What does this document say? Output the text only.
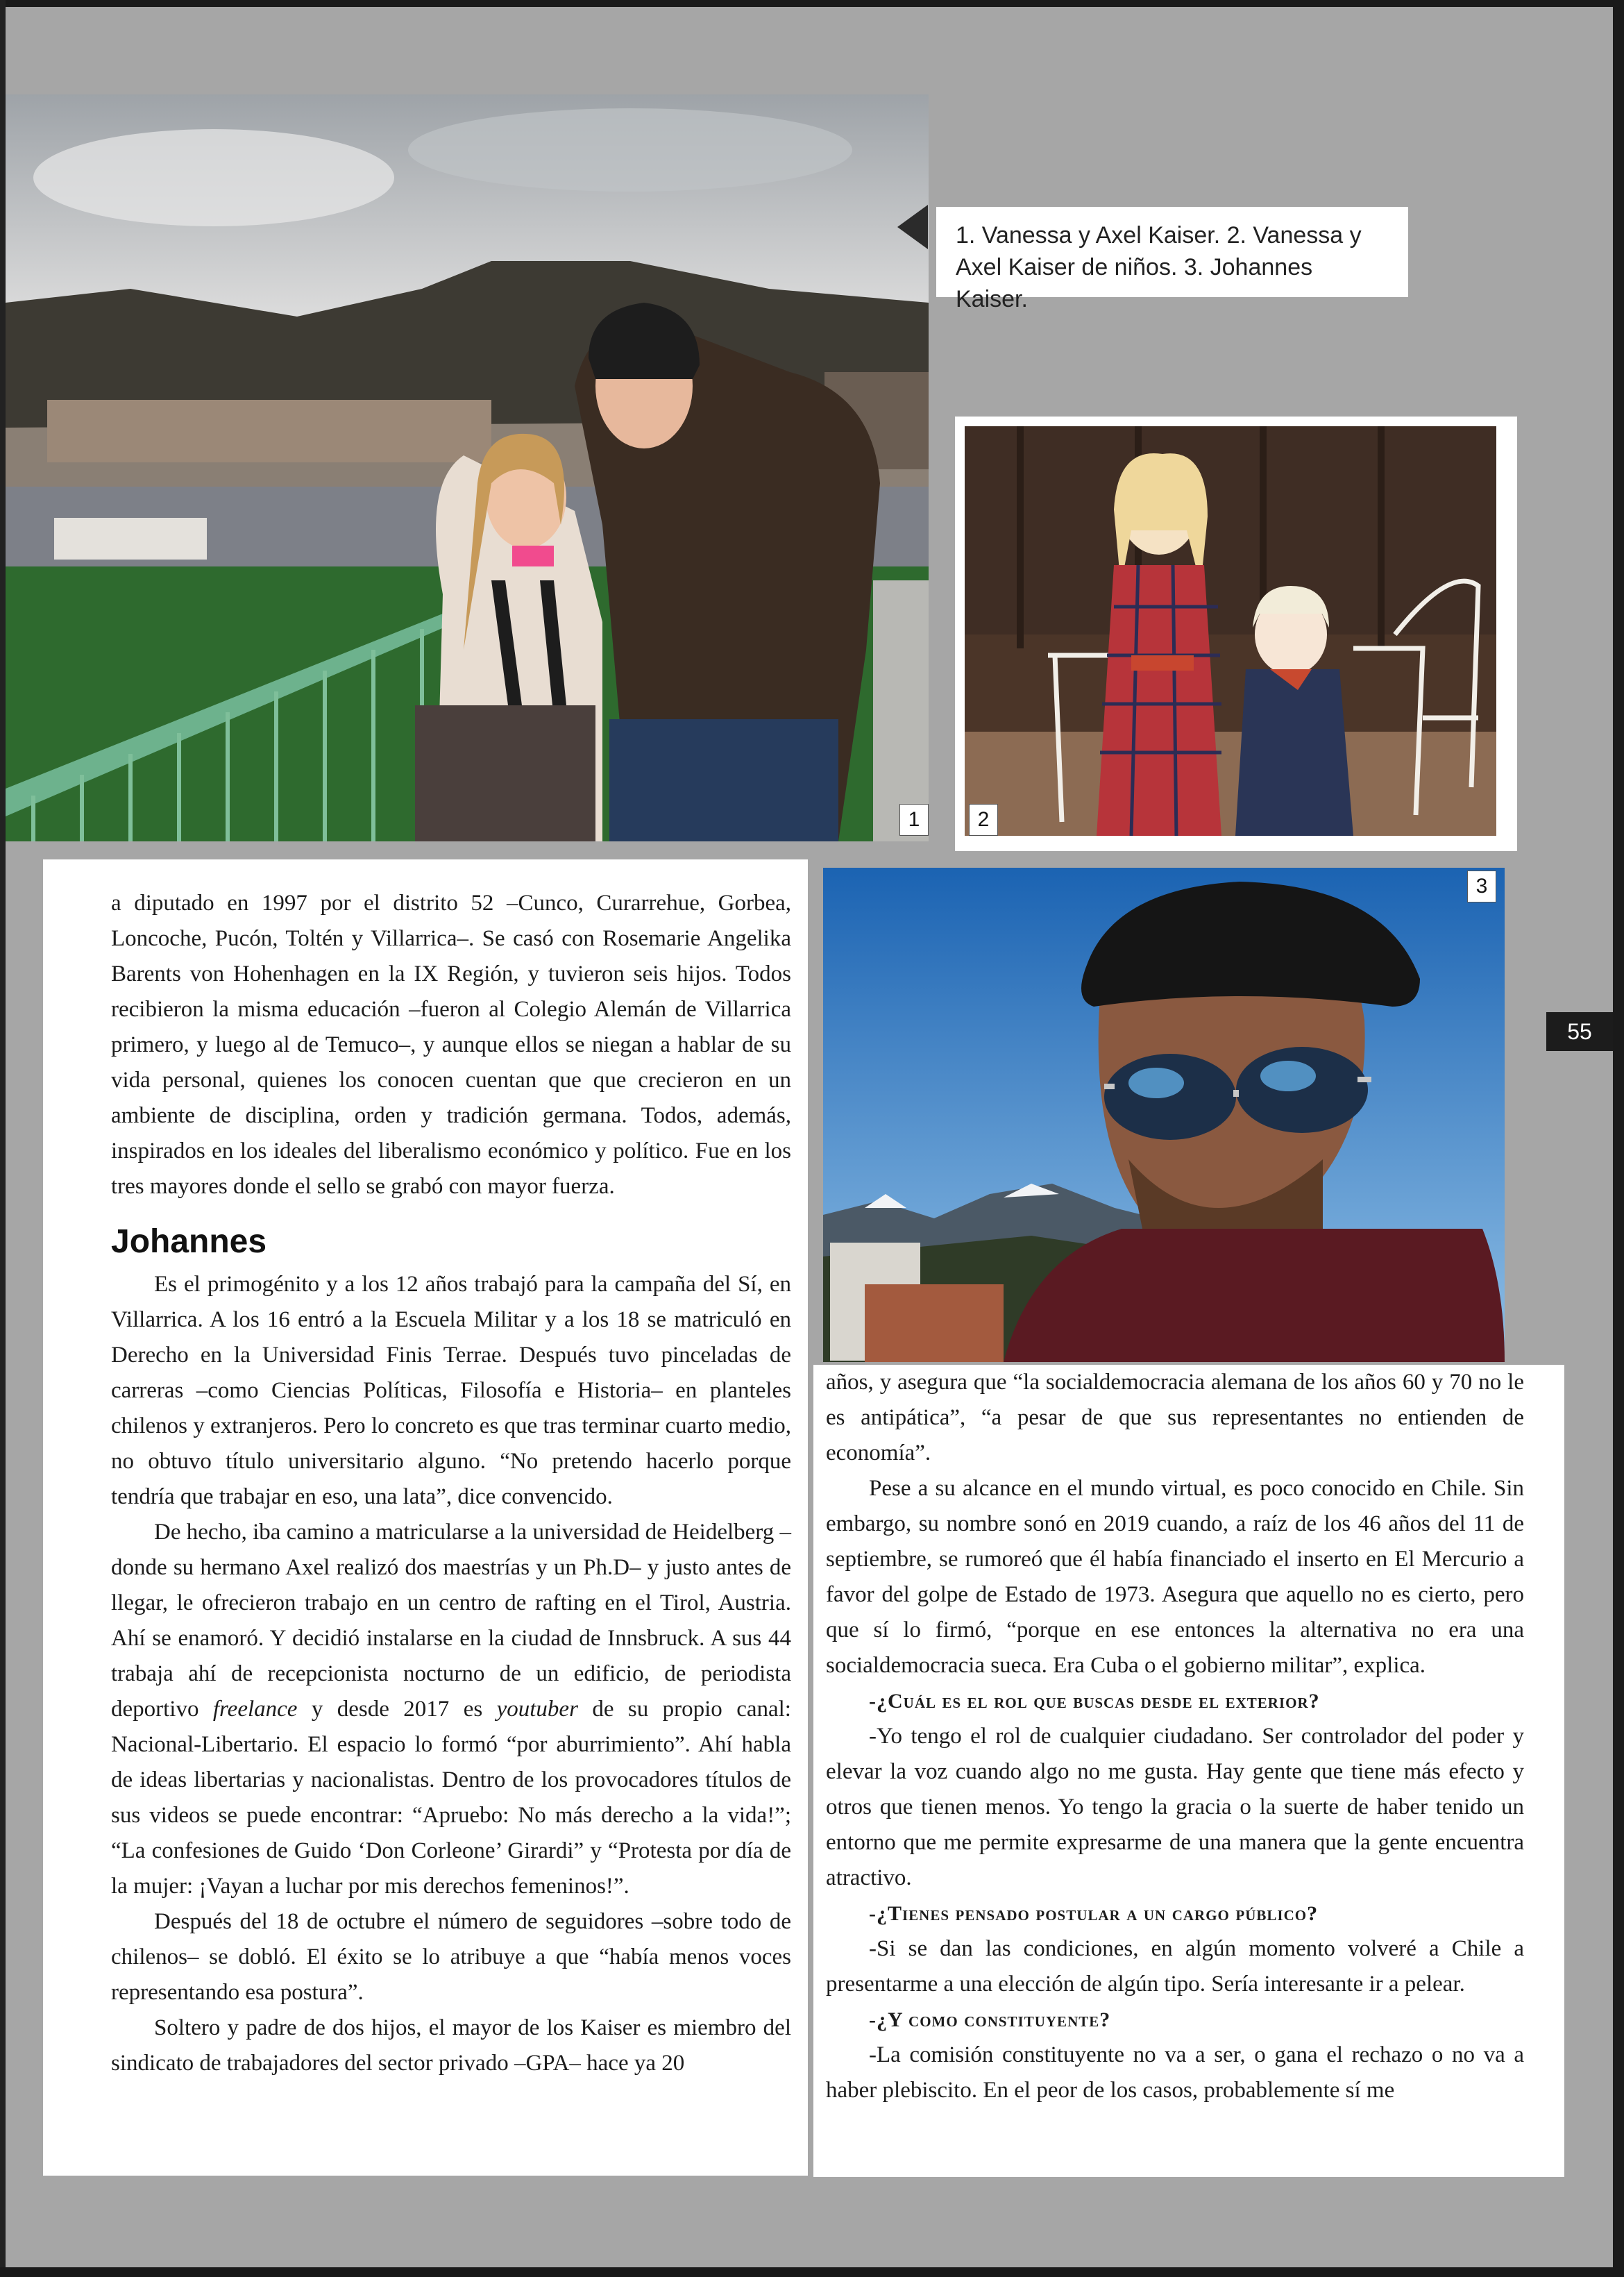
1
1. Vanessa y Axel Kaiser. 2. Vanessa y Axel Kaiser de niños. 3. Johannes Kaiser.
2
3
55

a diputado en 1997 por el distrito 52 –Cunco, Curarrehue, Gorbea, Loncoche, Pucón, Toltén y Villarrica–. Se casó con Rosemarie Angelika Barents von Hohenhagen en la IX Región, y tuvieron seis hijos. Todos recibieron la misma educación –fueron al Colegio Alemán de Villarrica primero, y luego al de Temuco–, y aunque ellos se niegan a hablar de su vida personal, quienes los conocen cuentan que que crecieron en un ambiente de disciplina, orden y tradición germana. Todos, además, inspirados en los ideales del liberalismo económico y político. Fue en los tres mayores donde el sello se grabó con mayor fuerza.

Johannes

Es el primogénito y a los 12 años trabajó para la campaña del Sí, en Villarrica. A los 16 entró a la Escuela Militar y a los 18 se matriculó en Derecho en la Universidad Finis Terrae. Después tuvo pinceladas de carreras –como Ciencias Políticas, Filosofía e Historia– en planteles chilenos y extranjeros. Pero lo concreto es que tras terminar cuarto medio, no obtuvo título universitario alguno. “No pretendo hacerlo porque tendría que trabajar en eso, una lata”, dice convencido.

De hecho, iba camino a matricularse a la universidad de Heidelberg –donde su hermano Axel realizó dos maestrías y un Ph.D– y justo antes de llegar, le ofrecieron trabajo en un centro de rafting en el Tirol, Austria. Ahí se enamoró. Y decidió instalarse en la ciudad de Innsbruck. A sus 44 trabaja ahí de recepcionista nocturno de un edificio, de periodista deportivo freelance y desde 2017 es youtuber de su propio canal: Nacional-Libertario. El espacio lo formó “por aburrimiento”. Ahí habla de ideas libertarias y nacionalistas. Dentro de los provocadores títulos de sus videos se puede encontrar: “Apruebo: No más derecho a la vida!”; “La confesiones de Guido ‘Don Corleone’ Girardi” y “Protesta por día de la mujer: ¡Vayan a luchar por mis derechos femeninos!”.

Después del 18 de octubre el número de seguidores –sobre todo de chilenos– se dobló. El éxito se lo atribuye a que “había menos voces representando esa postura”.

Soltero y padre de dos hijos, el mayor de los Kaiser es miembro del sindicato de trabajadores del sector privado –GPA– hace ya 20

años, y asegura que “la socialdemocracia alemana de los años 60 y 70 no le es antipática”, “a pesar de que sus representantes no entienden de economía”.

Pese a su alcance en el mundo virtual, es poco conocido en Chile. Sin embargo, su nombre sonó en 2019 cuando, a raíz de los 46 años del 11 de septiembre, se rumoreó que él había financiado el inserto en El Mercurio a favor del golpe de Estado de 1973. Asegura que aquello no es cierto, pero que sí lo firmó, “porque en ese entonces la alternativa no era una socialdemocracia sueca. Era Cuba o el gobierno militar”, explica.

-¿Cuál es el rol que buscas desde el exterior?

-Yo tengo el rol de cualquier ciudadano. Ser controlador del poder y elevar la voz cuando algo no me gusta. Hay gente que tiene más efecto y otros que tienen menos. Yo tengo la gracia o la suerte de haber tenido un entorno que me permite expresarme de una manera que la gente encuentra atractivo.

-¿Tienes pensado postular a un cargo público?

-Si se dan las condiciones, en algún momento volveré a Chile a presentarme a una elección de algún tipo. Sería interesante ir a pelear.

-¿Y como constituyente?

-La comisión constituyente no va a ser, o gana el rechazo o no va a haber plebiscito. En el peor de los casos, probablemente sí me
